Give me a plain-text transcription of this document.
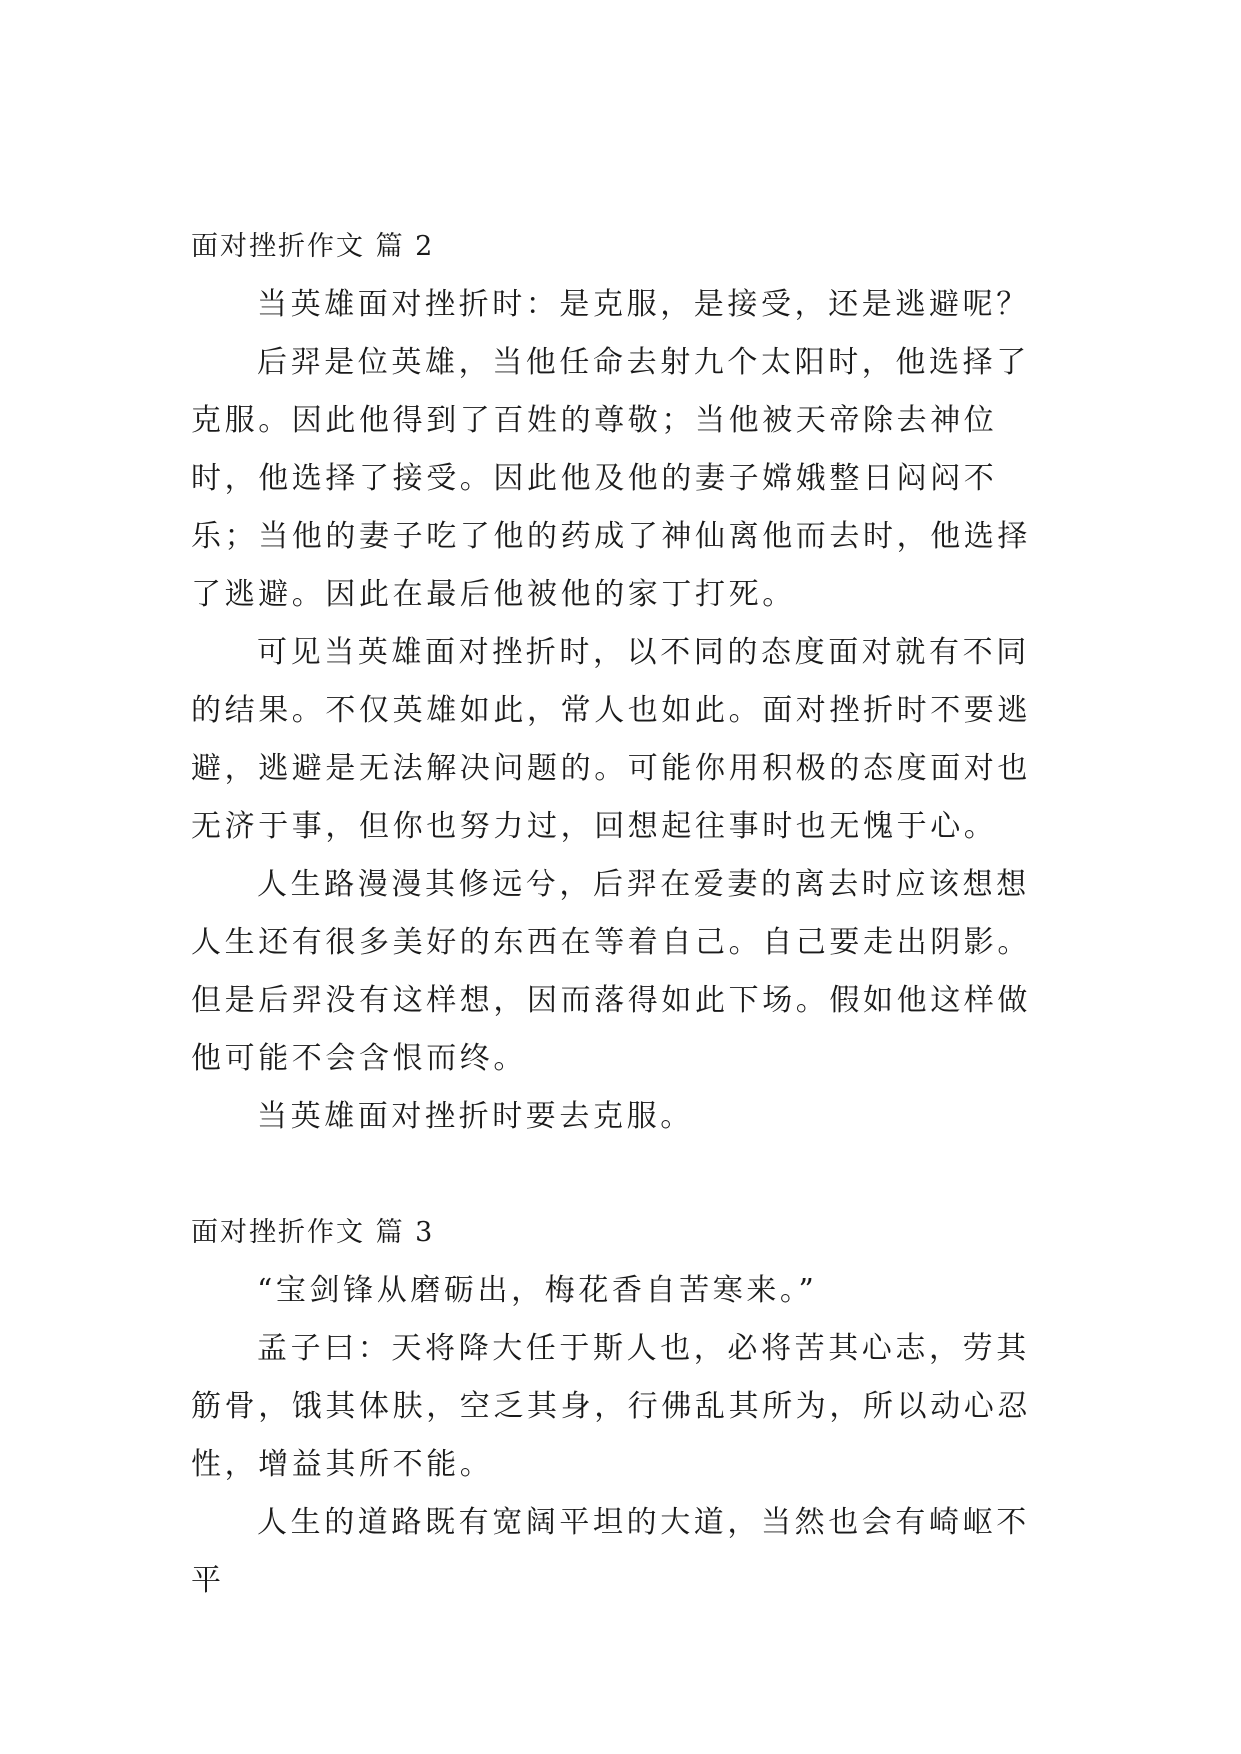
面对挫折作文 篇 2

当英雄面对挫折时：是克服，是接受，还是逃避呢？

后羿是位英雄，当他任命去射九个太阳时，他选择了克服。因此他得到了百姓的尊敬；当他被天帝除去神位时，他选择了接受。因此他及他的妻子嫦娥整日闷闷不乐；当他的妻子吃了他的药成了神仙离他而去时，他选择了逃避。因此在最后他被他的家丁打死。

可见当英雄面对挫折时，以不同的态度面对就有不同的结果。不仅英雄如此，常人也如此。面对挫折时不要逃避，逃避是无法解决问题的。可能你用积极的态度面对也无济于事，但你也努力过，回想起往事时也无愧于心。

人生路漫漫其修远兮，后羿在爱妻的离去时应该想想人生还有很多美好的东西在等着自己。自己要走出阴影。但是后羿没有这样想，因而落得如此下场。假如他这样做他可能不会含恨而终。

当英雄面对挫折时要去克服。

面对挫折作文 篇 3

“宝剑锋从磨砺出，梅花香自苦寒来。”

孟子曰：天将降大任于斯人也，必将苦其心志，劳其筋骨，饿其体肤，空乏其身，行佛乱其所为，所以动心忍性，增益其所不能。

人生的道路既有宽阔平坦的大道，当然也会有崎岖不平
